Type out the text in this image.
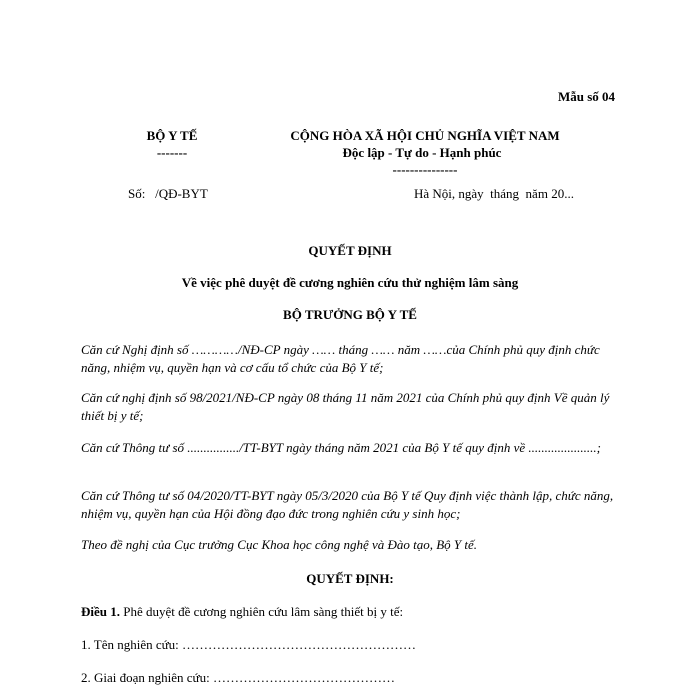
Mẫu số 04
BỘ Y TẾ
-------
CỘNG HÒA XÃ HỘI CHỦ NGHĨA VIỆT NAM
Độc lập - Tự do - Hạnh phúc
---------------
Số:   /QĐ-BYT	Hà Nội, ngày  tháng  năm 20...
QUYẾT ĐỊNH
Về việc phê duyệt đề cương nghiên cứu thử nghiệm lâm sàng
BỘ TRƯỞNG BỘ Y TẾ
Căn cứ Nghị định số …………/NĐ-CP ngày …… tháng …… năm ……của Chính phủ quy định chức năng, nhiệm vụ, quyền hạn và cơ cấu tổ chức của Bộ Y tế;
Căn cứ nghị định số 98/2021/NĐ-CP ngày 08 tháng 11 năm 2021 của Chính phủ quy định Về quản lý thiết bị y tế;
Căn cứ Thông tư số ................/TT-BYT ngày tháng năm 2021 của Bộ Y tế quy định về .....................;
Căn cứ Thông tư số 04/2020/TT-BYT ngày 05/3/2020 của Bộ Y tế Quy định việc thành lập, chức năng, nhiệm vụ, quyền hạn của Hội đồng đạo đức trong nghiên cứu y sinh học;
Theo đề nghị của Cục trưởng Cục Khoa học công nghệ và Đào tạo, Bộ Y tế.
QUYẾT ĐỊNH:
Điều 1. Phê duyệt đề cương nghiên cứu lâm sàng thiết bị y tế:
1. Tên nghiên cứu: ………………………………………………
2. Giai đoạn nghiên cứu: ……………………………………
